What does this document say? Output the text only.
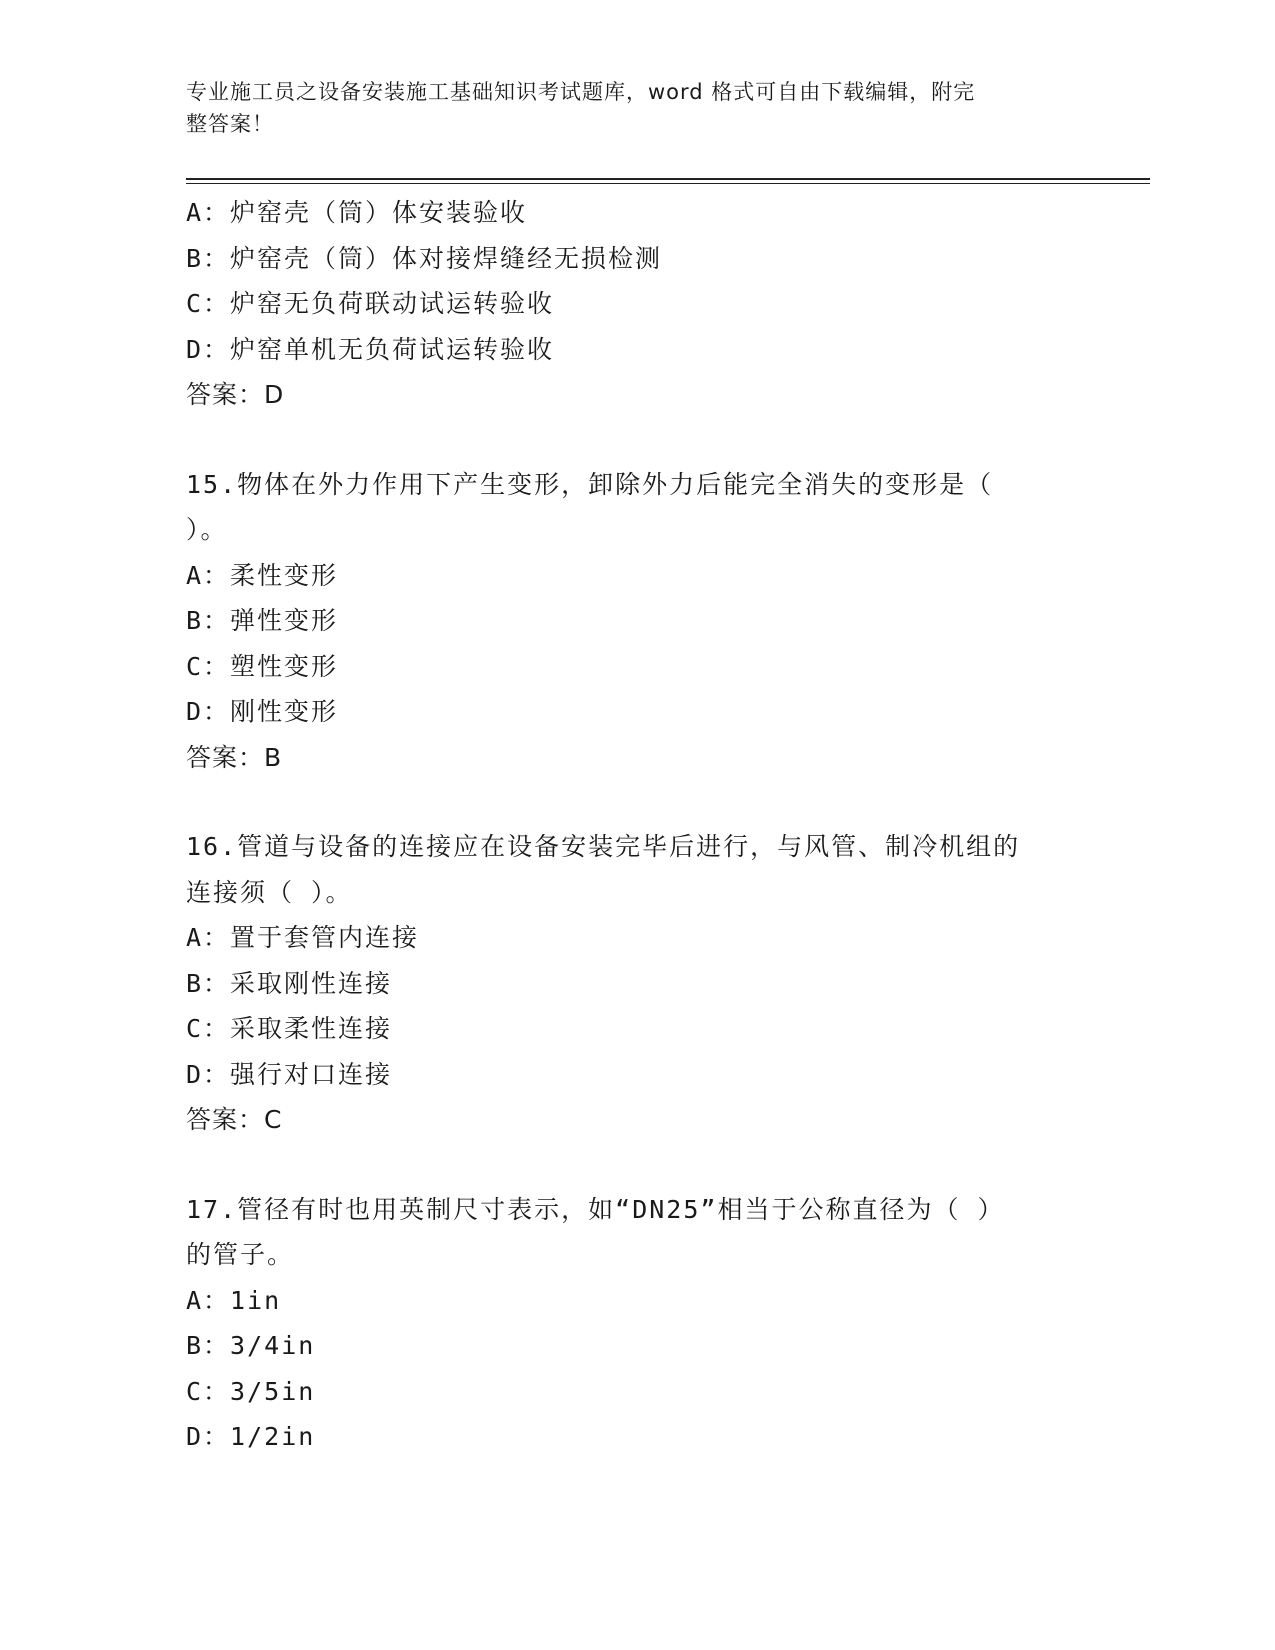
专业施工员之设备安装施工基础知识考试题库，word 格式可自由下载编辑，附完
整答案！
A：炉窑壳（筒）体安装验收
B：炉窑壳（筒）体对接焊缝经无损检测
C：炉窑无负荷联动试运转验收
D：炉窑单机无负荷试运转验收
答案：D
15.物体在外力作用下产生变形，卸除外力后能完全消失的变形是（
）。
A：柔性变形
B：弹性变形
C：塑性变形
D：刚性变形
答案：B
16.管道与设备的连接应在设备安装完毕后进行，与风管、制冷机组的
连接须（ ）。
A：置于套管内连接
B：采取刚性连接
C：采取柔性连接
D：强行对口连接
答案：C
17.管径有时也用英制尺寸表示，如“DN25”相当于公称直径为（ ）
的管子。
A：1in
B：3/4in
C：3/5in
D：1/2in
